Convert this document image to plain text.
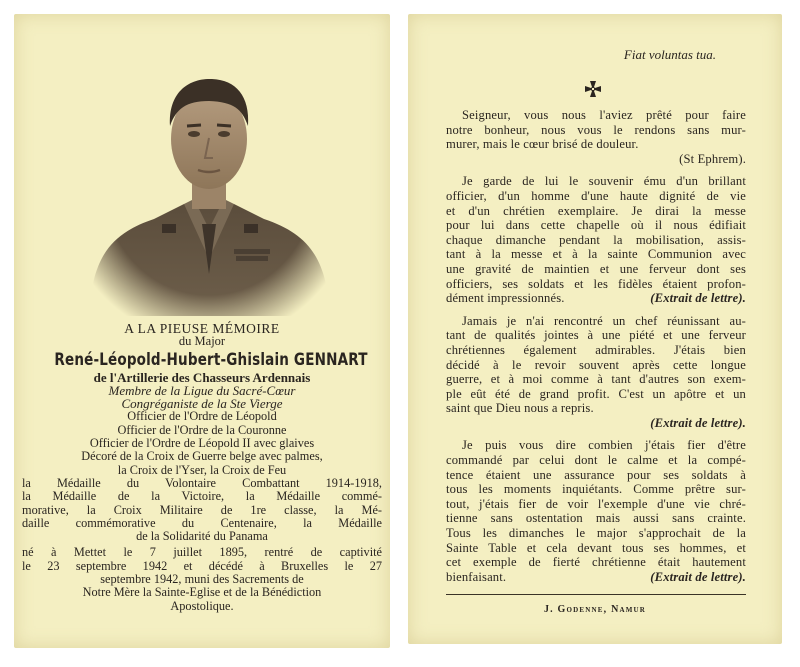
A LA PIEUSE MÉMOIRE
du Major
René-Léopold-Hubert-Ghislain GENNART
de l'Artillerie des Chasseurs Ardennais
Membre de la Ligue du Sacré-Cœur
Congréganiste de la Ste Vierge
Officier de l'Ordre de Léopold
Officier de l'Ordre de la Couronne
Officier de l'Ordre de Léopold II avec glaives
Décoré de la Croix de Guerre belge avec palmes,
la Croix de l'Yser, la Croix de Feu
la Médaille du Volontaire Combattant 1914-1918,
la Médaille de la Victoire, la Médaille commé-
morative, la Croix Militaire de 1re classe, la Mé-
daille commémorative du Centenaire, la Médaille
de la Solidarité du Panama
né à Mettet le 7 juillet 1895, rentré de captivité
le 23 septembre 1942 et décédé à Bruxelles le 27
septembre 1942, muni des Sacrements de
Notre Mère la Sainte-Eglise et de la Bénédiction
Apostolique.
Fiat voluntas tua.
Seigneur, vous nous l'aviez prêté pour faire
notre bonheur, nous vous le rendons sans mur-
murer, mais le cœur brisé de douleur.
(St Ephrem).
Je garde de lui le souvenir ému d'un brillant
officier, d'un homme d'une haute dignité de vie
et d'un chrétien exemplaire. Je dirai la messe
pour lui dans cette chapelle où il nous édifiait
chaque dimanche pendant la mobilisation, assis-
tant à la messe et à la sainte Communion avec
une gravité de maintien et une ferveur dont ses
officiers, ses soldats et les fidèles étaient profon-
dément impressionnés.	(Extrait de lettre).
Jamais je n'ai rencontré un chef réunissant au-
tant de qualités jointes à une piété et une ferveur
chrétiennes également admirables. J'étais bien
décidé à le revoir souvent après cette longue
guerre, et à moi comme à tant d'autres son exem-
ple eût été de grand profit. C'est un apôtre et un
saint que Dieu nous a repris.
(Extrait de lettre).
Je puis vous dire combien j'étais fier d'être
commandé par celui dont le calme et la compé-
tence étaient une assurance pour ses soldats à
tous les moments inquiétants. Comme prêtre sur-
tout, j'étais fier de voir l'exemple d'une vie chré-
tienne sans ostentation mais aussi sans crainte.
Tous les dimanches le major s'approchait de la
Sainte Table et cela devant tous ses hommes, et
cet exemple de fierté chrétienne était hautement
bienfaisant.	(Extrait de lettre).
J. Godenne, Namur
